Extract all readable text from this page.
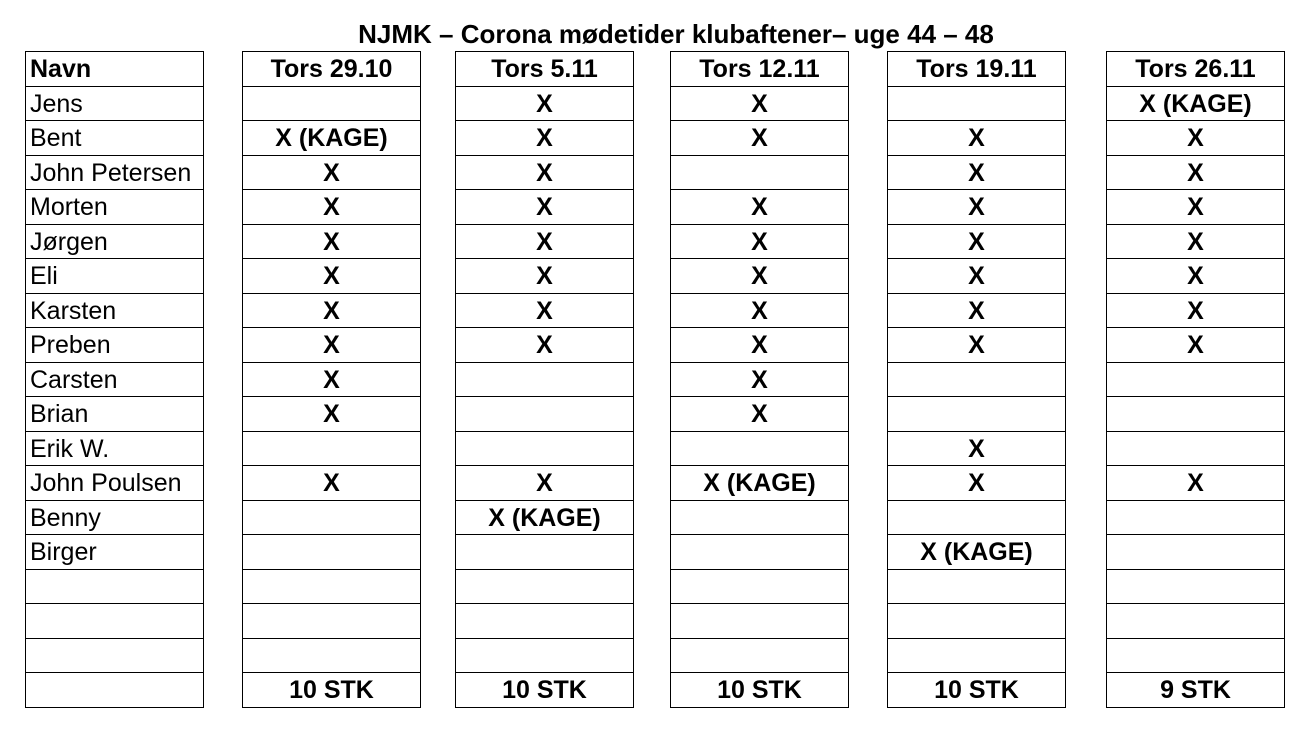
NJMK – Corona mødetider klubaftener– uge 44 – 48
Navn
Jens
Bent
John Petersen
Morten
Jørgen
Eli
Karsten
Preben
Carsten
Brian
Erik W.
John Poulsen
Benny
Birger
Tors 29.10
X (KAGE)
X
X
X
X
X
X
X
X
X
10 STK
Tors 5.11
X
X
X
X
X
X
X
X
X
X (KAGE)
10 STK
Tors 12.11
X
X
X
X
X
X
X
X
X
X (KAGE)
10 STK
Tors 19.11
X
X
X
X
X
X
X
X
X
X (KAGE)
10 STK
Tors 26.11
X (KAGE)
X
X
X
X
X
X
X
X
9 STK
